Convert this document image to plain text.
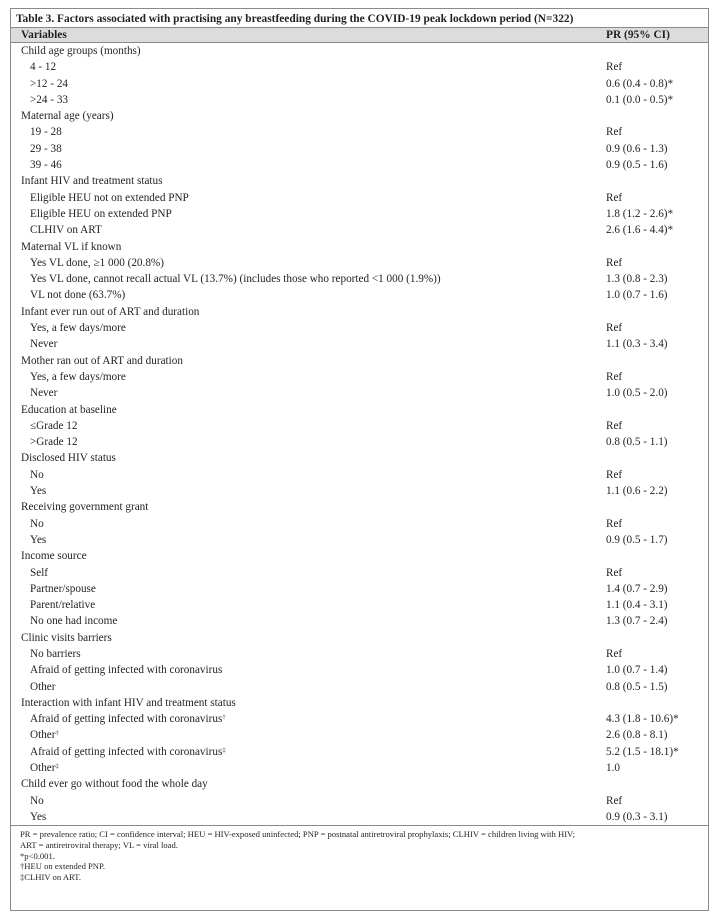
Table 3. Factors associated with practising any breastfeeding during the COVID-19 peak lockdown period (N=322)
Variables	PR (95% CI)
Child age groups (months)
4 - 12	Ref
>12 - 24	0.6 (0.4 - 0.8)*
>24 - 33	0.1 (0.0 - 0.5)*
Maternal age (years)
19 - 28	Ref
29 - 38	0.9 (0.6 - 1.3)
39 - 46	0.9 (0.5 - 1.6)
Infant HIV and treatment status
Eligible HEU not on extended PNP	Ref
Eligible HEU on extended PNP	1.8 (1.2 - 2.6)*
CLHIV on ART	2.6 (1.6 - 4.4)*
Maternal VL if known
Yes VL done, ≥1 000 (20.8%)	Ref
Yes VL done, cannot recall actual VL (13.7%) (includes those who reported <1 000 (1.9%))	1.3 (0.8 - 2.3)
VL not done (63.7%)	1.0 (0.7 - 1.6)
Infant ever run out of ART and duration
Yes, a few days/more	Ref
Never	1.1 (0.3 - 3.4)
Mother ran out of ART and duration
Yes, a few days/more	Ref
Never	1.0 (0.5 - 2.0)
Education at baseline
≤Grade 12	Ref
>Grade 12	0.8 (0.5 - 1.1)
Disclosed HIV status
No	Ref
Yes	1.1 (0.6 - 2.2)
Receiving government grant
No	Ref
Yes	0.9 (0.5 - 1.7)
Income source
Self	Ref
Partner/spouse	1.4 (0.7 - 2.9)
Parent/relative	1.1 (0.4 - 3.1)
No one had income	1.3 (0.7 - 2.4)
Clinic visits barriers
No barriers	Ref
Afraid of getting infected with coronavirus	1.0 (0.7 - 1.4)
Other	0.8 (0.5 - 1.5)
Interaction with infant HIV and treatment status
Afraid of getting infected with coronavirus†	4.3 (1.8 - 10.6)*
Other†	2.6 (0.8 - 8.1)
Afraid of getting infected with coronavirus‡	5.2 (1.5 - 18.1)*
Other‡	1.0
Child ever go without food the whole day
No	Ref
Yes	0.9 (0.3 - 3.1)
PR = prevalence ratio; CI = confidence interval; HEU = HIV-exposed uninfected; PNP = postnatal antiretroviral prophylaxis; CLHIV = children living with HIV;
ART = antiretroviral therapy; VL = viral load.
*p<0.001.
†HEU on extended PNP.
‡CLHIV on ART.
